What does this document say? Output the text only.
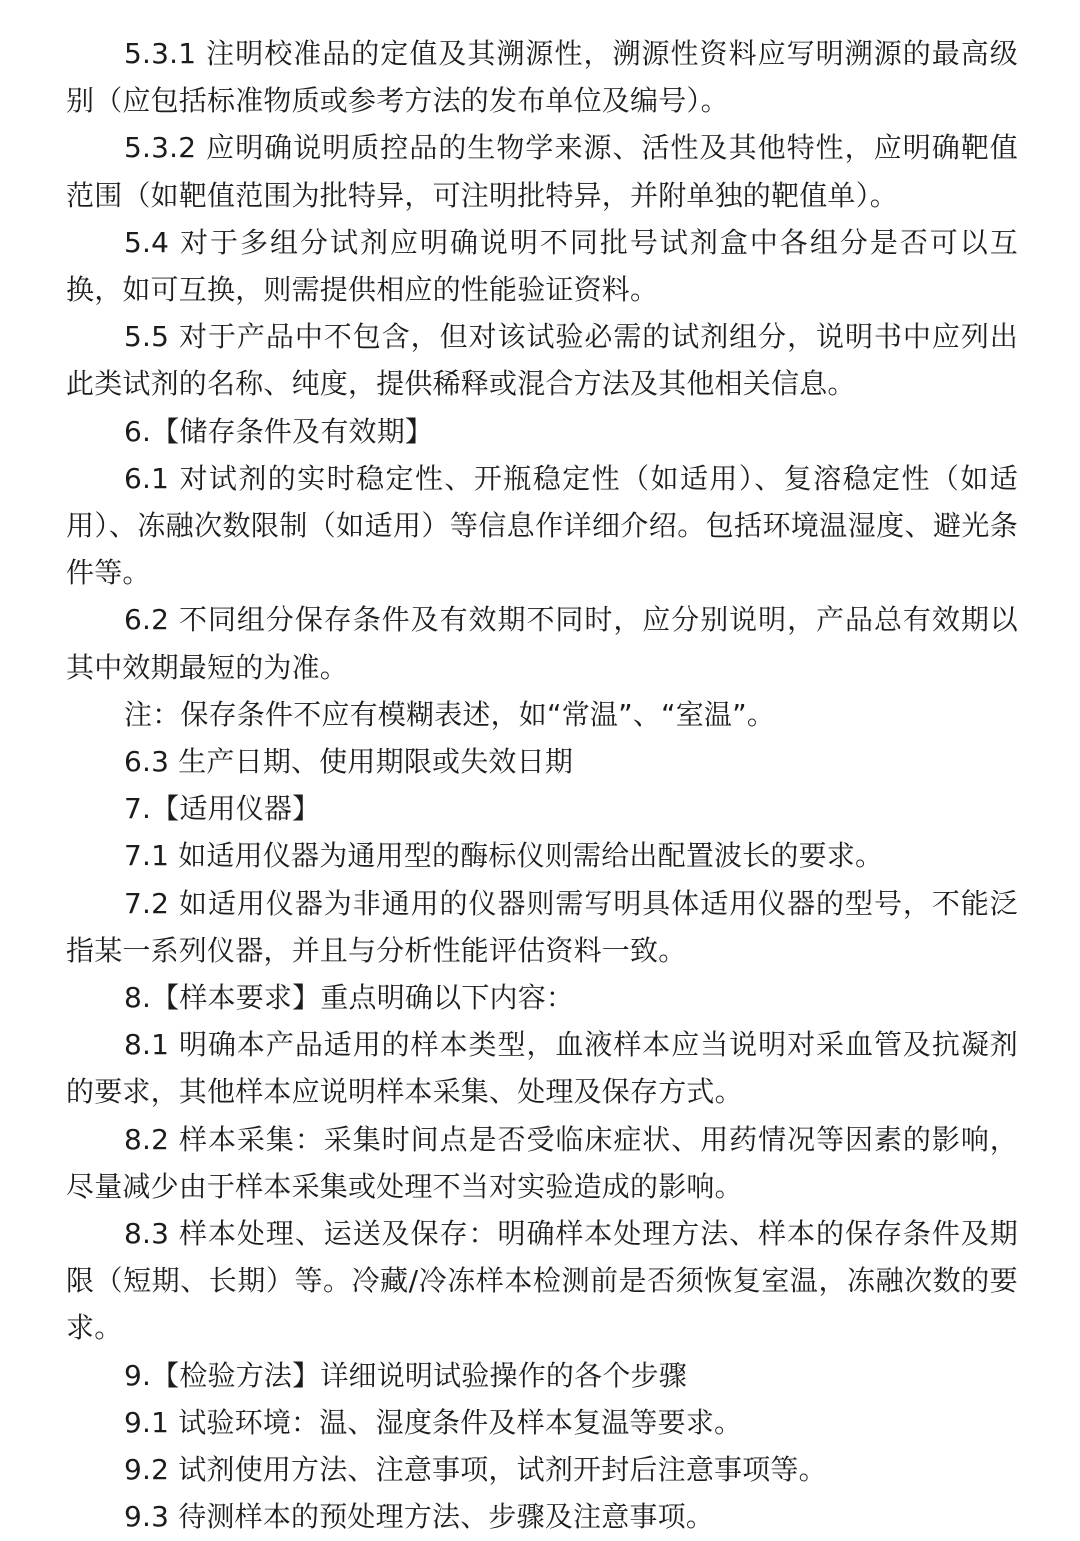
5.3.1 注明校准品的定值及其溯源性，溯源性资料应写明溯源的最高级别（应包括标准物质或参考方法的发布单位及编号）。

5.3.2 应明确说明质控品的生物学来源、活性及其他特性，应明确靶值范围（如靶值范围为批特异，可注明批特异，并附单独的靶值单）。

5.4 对于多组分试剂应明确说明不同批号试剂盒中各组分是否可以互换，如可互换，则需提供相应的性能验证资料。

5.5 对于产品中不包含，但对该试验必需的试剂组分，说明书中应列出此类试剂的名称、纯度，提供稀释或混合方法及其他相关信息。

6.【储存条件及有效期】

6.1 对试剂的实时稳定性、开瓶稳定性（如适用）、复溶稳定性（如适用）、冻融次数限制（如适用）等信息作详细介绍。包括环境温湿度、避光条件等。

6.2 不同组分保存条件及有效期不同时，应分别说明，产品总有效期以其中效期最短的为准。

注：保存条件不应有模糊表述，如“常温”、“室温”。

6.3 生产日期、使用期限或失效日期

7.【适用仪器】

7.1 如适用仪器为通用型的酶标仪则需给出配置波长的要求。

7.2 如适用仪器为非通用的仪器则需写明具体适用仪器的型号，不能泛指某一系列仪器，并且与分析性能评估资料一致。

8.【样本要求】重点明确以下内容：

8.1 明确本产品适用的样本类型，血液样本应当说明对采血管及抗凝剂的要求，其他样本应说明样本采集、处理及保存方式。

8.2 样本采集：采集时间点是否受临床症状、用药情况等因素的影响，尽量减少由于样本采集或处理不当对实验造成的影响。

8.3 样本处理、运送及保存：明确样本处理方法、样本的保存条件及期限（短期、长期）等。冷藏/冷冻样本检测前是否须恢复室温，冻融次数的要求。

9.【检验方法】详细说明试验操作的各个步骤

9.1 试验环境：温、湿度条件及样本复温等要求。

9.2 试剂使用方法、注意事项，试剂开封后注意事项等。

9.3 待测样本的预处理方法、步骤及注意事项。
